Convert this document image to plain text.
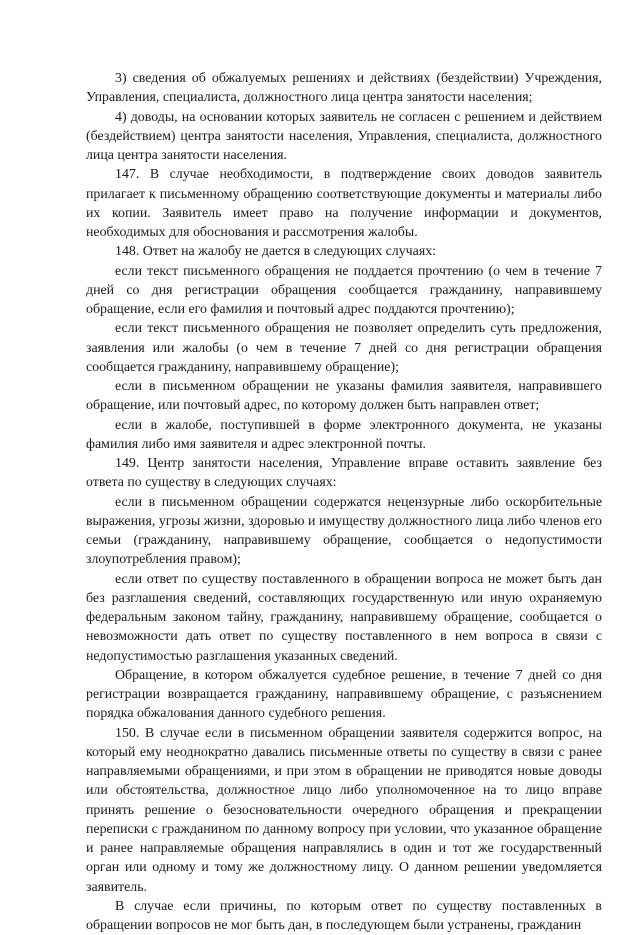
3) сведения об обжалуемых решениях и действиях (бездействии) Учреждения, Управления, специалиста, должностного лица центра занятости населения;

4) доводы, на основании которых заявитель не согласен с решением и действием (бездействием) центра занятости населения, Управления, специалиста, должностного лица центра занятости населения.

147. В случае необходимости, в подтверждение своих доводов заявитель прилагает к письменному обращению соответствующие документы и материалы либо их копии. Заявитель имеет право на получение информации и документов, необходимых для обоснования и рассмотрения жалобы.

148. Ответ на жалобу не дается в следующих случаях:

если текст письменного обращения не поддается прочтению (о чем в течение 7 дней со дня регистрации обращения сообщается гражданину, направившему обращение, если его фамилия и почтовый адрес поддаются прочтению);

если текст письменного обращения не позволяет определить суть предложения, заявления или жалобы (о чем в течение 7 дней со дня регистрации обращения сообщается гражданину, направившему обращение);

если в письменном обращении не указаны фамилия заявителя, направившего обращение, или почтовый адрес, по которому должен быть направлен ответ;

если в жалобе, поступившей в форме электронного документа, не указаны фамилия либо имя заявителя и адрес электронной почты.

149. Центр занятости населения, Управление вправе оставить заявление без ответа по существу в следующих случаях:

если в письменном обращении содержатся нецензурные либо оскорбительные выражения, угрозы жизни, здоровью и имуществу должностного лица либо членов его семьи (гражданину, направившему обращение, сообщается о недопустимости злоупотребления правом);

если ответ по существу поставленного в обращении вопроса не может быть дан без разглашения сведений, составляющих государственную или иную охраняемую федеральным законом тайну, гражданину, направившему обращение, сообщается о невозможности дать ответ по существу поставленного в нем вопроса в связи с недопустимостью разглашения указанных сведений.

Обращение, в котором обжалуется судебное решение, в течение 7 дней со дня регистрации возвращается гражданину, направившему обращение, с разъяснением порядка обжалования данного судебного решения.

150. В случае если в письменном обращении заявителя содержится вопрос, на который ему неоднократно давались письменные ответы по существу в связи с ранее направляемыми обращениями, и при этом в обращении не приводятся новые доводы или обстоятельства, должностное лицо либо уполномоченное на то лицо вправе принять решение о безосновательности очередного обращения и прекращении переписки с гражданином по данному вопросу при условии, что указанное обращение и ранее направляемые обращения направлялись в один и тот же государственный орган или одному и тому же должностному лицу. О данном решении уведомляется заявитель.

В случае если причины, по которым ответ по существу поставленных в обращении вопросов не мог быть дан, в последующем были устранены, гражданин
